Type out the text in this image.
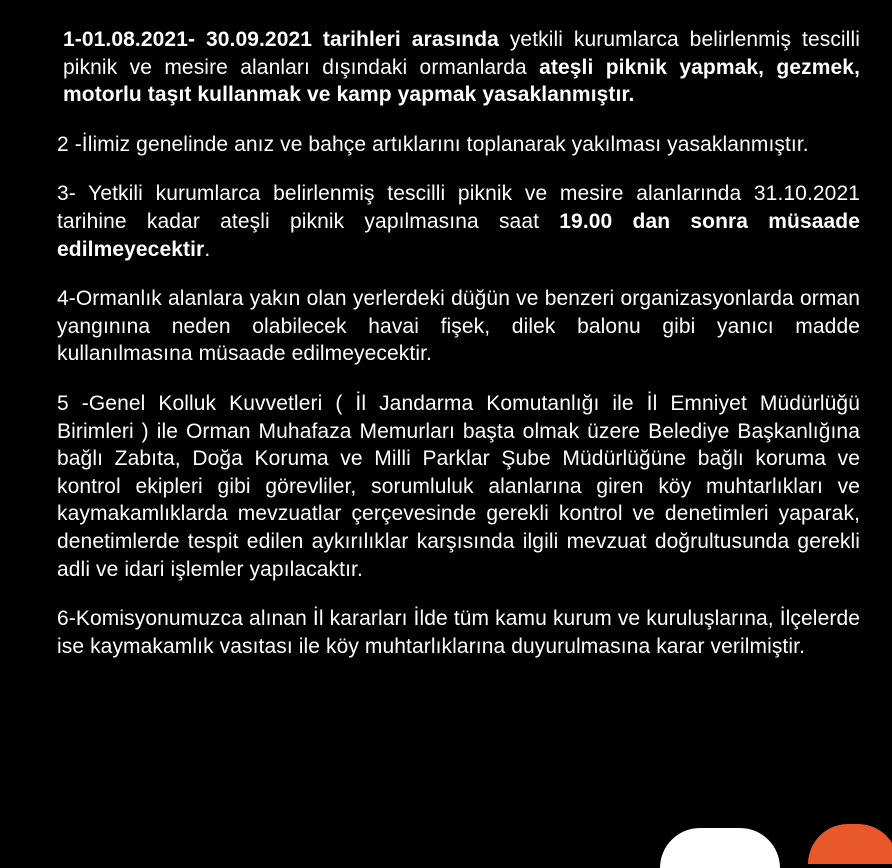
1-01.08.2021- 30.09.2021 tarihleri arasında yetkili kurumlarca belirlenmiş tescilli piknik ve mesire alanları dışındaki ormanlarda ateşli piknik yapmak, gezmek, motorlu taşıt kullanmak ve kamp yapmak yasaklanmıştır.

2 -İlimiz genelinde anız ve bahçe artıklarını toplanarak yakılması yasaklanmıştır.

3- Yetkili kurumlarca belirlenmiş tescilli piknik ve mesire alanlarında 31.10.2021 tarihine kadar ateşli piknik yapılmasına saat 19.00 dan sonra müsaade edilmeyecektir.

4-Ormanlık alanlara yakın olan yerlerdeki düğün ve benzeri organizasyonlarda orman yangınına neden olabilecek havai fişek, dilek balonu gibi yanıcı madde kullanılmasına müsaade edilmeyecektir.

5 -Genel Kolluk Kuvvetleri ( İl Jandarma Komutanlığı ile İl Emniyet Müdürlüğü Birimleri ) ile Orman Muhafaza Memurları başta olmak üzere Belediye Başkanlığına bağlı Zabıta, Doğa Koruma ve Milli Parklar Şube Müdürlüğüne bağlı koruma ve kontrol ekipleri gibi görevliler, sorumluluk alanlarına giren köy muhtarlıkları ve kaymakamlıklarda mevzuatlar çerçevesinde gerekli kontrol ve denetimleri yaparak, denetimlerde tespit edilen aykırılıklar karşısında ilgili mevzuat doğrultusunda gerekli adli ve idari işlemler yapılacaktır.

6-Komisyonumuzca alınan İl kararları İlde tüm kamu kurum ve kuruluşlarına, İlçelerde ise kaymakamlık vasıtası ile köy muhtarlıklarına duyurulmasına karar verilmiştir.
